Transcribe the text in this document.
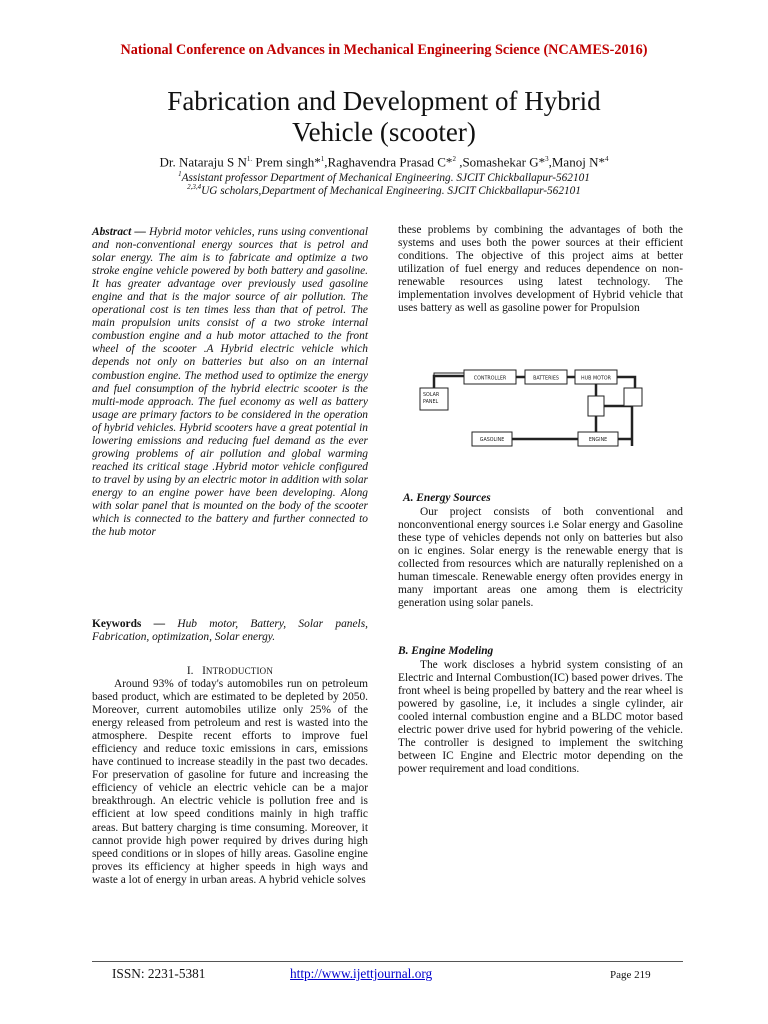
National Conference on Advances in Mechanical Engineering Science (NCAMES-2016)
Fabrication and Development of Hybrid
Vehicle (scooter)
Dr. Nataraju S $N^{1.}$ Prem singh*$^1$,Raghavendra Prasad C*$^2$ ,Somashekar G*$^3$,Manoj N*$^4$
$^1$Assistant professor Department of Mechanical Engineering. SJCIT Chickballapur-562101
$^{2,3,4}$UG scholars,Department of Mechanical Engineering. SJCIT Chickballapur-562101
Abstract — Hybrid motor vehicles, runs using conventional and non-conventional energy sources that is petrol and solar energy. The aim is to fabricate and optimize a two stroke engine vehicle powered by both battery and gasoline. It has greater advantage over previously used gasoline engine and that is the major source of air pollution. The operational cost is ten times less than that of petrol. The main propulsion units consist of a two stroke internal combustion engine and a hub motor attached to the front wheel of the scooter .A Hybrid electric vehicle which depends not only on batteries but also on an internal combustion engine. The method used to optimize the energy and fuel consumption of the hybrid electric scooter is the multi-mode approach. The fuel economy as well as battery usage are primary factors to be considered in the operation of hybrid vehicles. Hybrid scooters have a great potential in lowering emissions and reducing fuel demand as the ever growing problems of air pollution and global warming reached its critical stage .Hybrid motor vehicle configured to travel by using by an electric motor in addition with solar energy to an engine power have been developing. Along with solar panel that is mounted on the body of the scooter which is connected to the battery and further connected to the hub motor
Keywords — Hub motor, Battery, Solar panels, Fabrication, optimization, Solar energy.
I. INTRODUCTION
Around 93% of today's automobiles run on petroleum based product, which are estimated to be depleted by 2050. Moreover, current automobiles utilize only 25% of the energy released from petroleum and rest is wasted into the atmosphere. Despite recent efforts to improve fuel efficiency and reduce toxic emissions in cars, emissions have continued to increase steadily in the past two decades. For preservation of gasoline for future and increasing the efficiency of vehicle an electric vehicle can be a major breakthrough. An electric vehicle is pollution free and is efficient at low speed conditions mainly in high traffic areas. But battery charging is time consuming. Moreover, it cannot provide high power required by drives during high speed conditions or in slopes of hilly areas. Gasoline engine proves its efficiency at higher speeds in high ways and waste a lot of energy in urban areas. A hybrid vehicle solves
these problems by combining the advantages of both the systems and uses both the power sources at their efficient conditions. The objective of this project aims at better utilization of fuel energy and reduces dependence on non-renewable resources using latest technology. The implementation involves development of Hybrid vehicle that uses battery as well as gasoline power for Propulsion
CONTROLLER	BATTERIES	HUB MOTOR
SOLAR
PANEL
GASOLINE	ENGINE
A. Energy Sources
Our project consists of both conventional and nonconventional energy sources i.e Solar energy and Gasoline these type of vehicles depends not only on batteries but also on ic engines. Solar energy is the renewable energy that is collected from resources which are naturally replenished on a human timescale. Renewable energy often provides energy in many important areas one among them is electricity generation using solar panels.
B. Engine Modeling
The work discloses a hybrid system consisting of an Electric and Internal Combustion(IC) based power drives. The front wheel is being propelled by battery and the rear wheel is powered by gasoline, i.e, it includes a single cylinder, air cooled internal combustion engine and a BLDC motor based electric power drive used for hybrid powering of the vehicle. The controller is designed to implement the switching between IC Engine and Electric motor depending on the power requirement and load conditions.
ISSN: 2231-5381	http://www.ijettjournal.org	Page 219
